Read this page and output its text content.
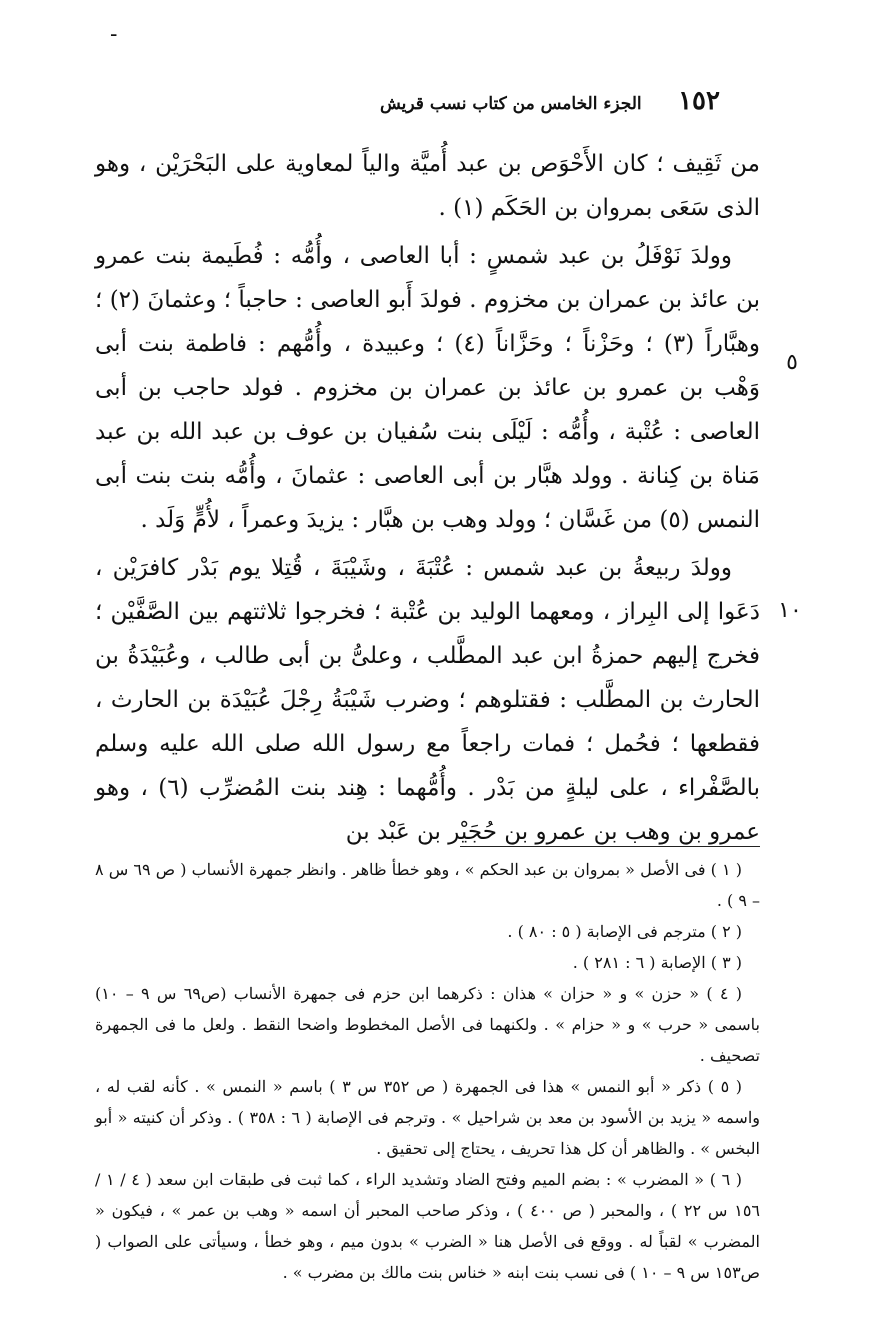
-
١٥٢
الجزء الخامس من كتاب نسب قريش
٥
١٠

من ثَقِيف ؛ كان الأَحْوَص بن عبد أُميَّة والياً لمعاوية على البَحْرَيْن ، وهو الذى سَعَى بمروان بن الحَكَم (١) .

وولدَ نَوْفَلُ بن عبد شمسٍ : أبا العاصى ، وأُمُّه : فُطَيمة بنت عمرو بن عائذ بن عمران بن مخزوم . فولدَ أَبو العاصى : حاجباً ؛ وعثمانَ (٢) ؛ وهبَّاراً (٣) ؛ وحَزْناً ؛ وحَزَّاناً (٤) ؛ وعبيدة ، وأُمُّهم : فاطمة بنت أبى وَهْب بن عمرو بن عائذ بن عمران بن مخزوم . فولد حاجب بن أبى العاصى : عُتْبة ، وأُمُّه : لَيْلَى بنت سُفيان بن عوف بن عبد الله بن عبد مَناة بن كِنانة . وولد هبَّار بن أبى العاصى : عثمانَ ، وأُمُّه بنت بنت أبى النمس (٥) من غَسَّان ؛ وولد وهب بن هبَّار : يزيدَ وعمراً ، لأُمٍّ وَلَد .

وولدَ ربيعةُ بن عبد شمس : عُتْبَةَ ، وشَيْبَةَ ، قُتِلا يوم بَدْر كافرَيْن ، دَعَوا إلى البِراز ، ومعهما الوليد بن عُتْبة ؛ فخرجوا ثلاثتهم بين الصَّفَّيْن ؛ فخرج إليهم حمزةُ ابن عبد المطَّلب ، وعلىُّ بن أبى طالب ، وعُبَيْدَةُ بن الحارث بن المطَّلب : فقتلوهم ؛ وضرب شَيْبَةُ رِجْلَ عُبَيْدَة بن الحارث ، فقطعها ؛ فحُمل ؛ فمات راجعاً مع رسول الله صلى الله عليه وسلم بالصَّفْراء ، على ليلةٍ من بَدْر . وأُمُّهما : هِند بنت المُضرِّب (٦) ، وهو عمرو بن وهب بن عمرو بن حُجَيْر بن عَبْد بن

( ١ ) فى الأصل « بمروان بن عبد الحكم » ، وهو خطأ ظاهر . وانظر جمهرة الأنساب ( ص ٦٩ س ٨ – ٩ ) .

( ٢ ) مترجم فى الإصابة ( ٥ : ٨٠ ) .

( ٣ ) الإصابة ( ٦ : ٢٨١ ) .

( ٤ ) « حزن » و « حزان » هذان : ذكرهما ابن حزم فى جمهرة الأنساب (ص٦٩ س ٩ – ١٠) باسمى « حرب » و « حزام » . ولكنهما فى الأصل المخطوط واضحا النقط . ولعل ما فى الجمهرة تصحيف .

( ٥ ) ذكر « أبو النمس » هذا فى الجمهرة ( ص ٣٥٢ س ٣ ) باسم « النمس » . كأنه لقب له ، واسمه « يزيد بن الأسود بن معد بن شراحيل » . وترجم فى الإصابة ( ٦ : ٣٥٨ ) . وذكر أن كنيته « أبو البخس » . والظاهر أن كل هذا تحريف ، يحتاج إلى تحقيق .

( ٦ ) « المضرب » : بضم الميم وفتح الضاد وتشديد الراء ، كما ثبت فى طبقات ابن سعد ( ٤ / ١ / ١٥٦ س ٢٢ ) ، والمحبر ( ص ٤٠٠ ) ، وذكر صاحب المحبر أن اسمه « وهب بن عمر » ، فيكون « المضرب » لقباً له . ووقع فى الأصل هنا « الضرب » بدون ميم ، وهو خطأ ، وسيأتى على الصواب ( ص١٥٣ س ٩ – ١٠ ) فى نسب بنت ابنه « خناس بنت مالك بن مضرب » .
